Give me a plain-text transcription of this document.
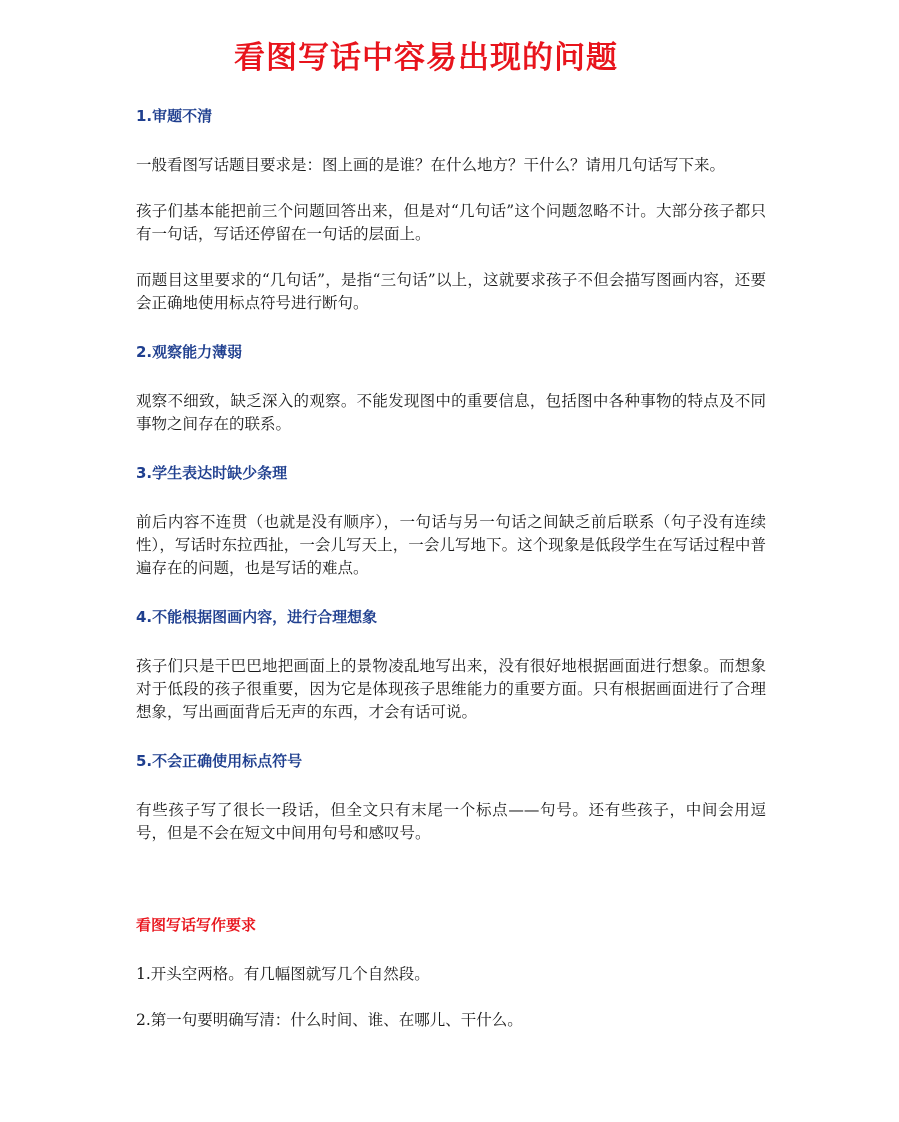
看图写话中容易出现的问题
1.审题不清

一般看图写话题目要求是：图上画的是谁？在什么地方？干什么？请用几句话写下来。

孩子们基本能把前三个问题回答出来，但是对“几句话”这个问题忽略不计。大部分孩子都只有一句话，写话还停留在一句话的层面上。

而题目这里要求的“几句话”，是指“三句话”以上，这就要求孩子不但会描写图画内容，还要会正确地使用标点符号进行断句。

2.观察能力薄弱

观察不细致，缺乏深入的观察。不能发现图中的重要信息，包括图中各种事物的特点及不同事物之间存在的联系。

3.学生表达时缺少条理

前后内容不连贯（也就是没有顺序），一句话与另一句话之间缺乏前后联系（句子没有连续性），写话时东拉西扯，一会儿写天上，一会儿写地下。这个现象是低段学生在写话过程中普遍存在的问题，也是写话的难点。

4.不能根据图画内容，进行合理想象

孩子们只是干巴巴地把画面上的景物凌乱地写出来，没有很好地根据画面进行想象。而想象对于低段的孩子很重要，因为它是体现孩子思维能力的重要方面。只有根据画面进行了合理想象，写出画面背后无声的东西，才会有话可说。

5.不会正确使用标点符号

有些孩子写了很长一段话，但全文只有末尾一个标点——句号。还有些孩子，中间会用逗号，但是不会在短文中间用句号和感叹号。

看图写话写作要求

1.开头空两格。有几幅图就写几个自然段。

2.第一句要明确写清：什么时间、谁、在哪儿、干什么。
